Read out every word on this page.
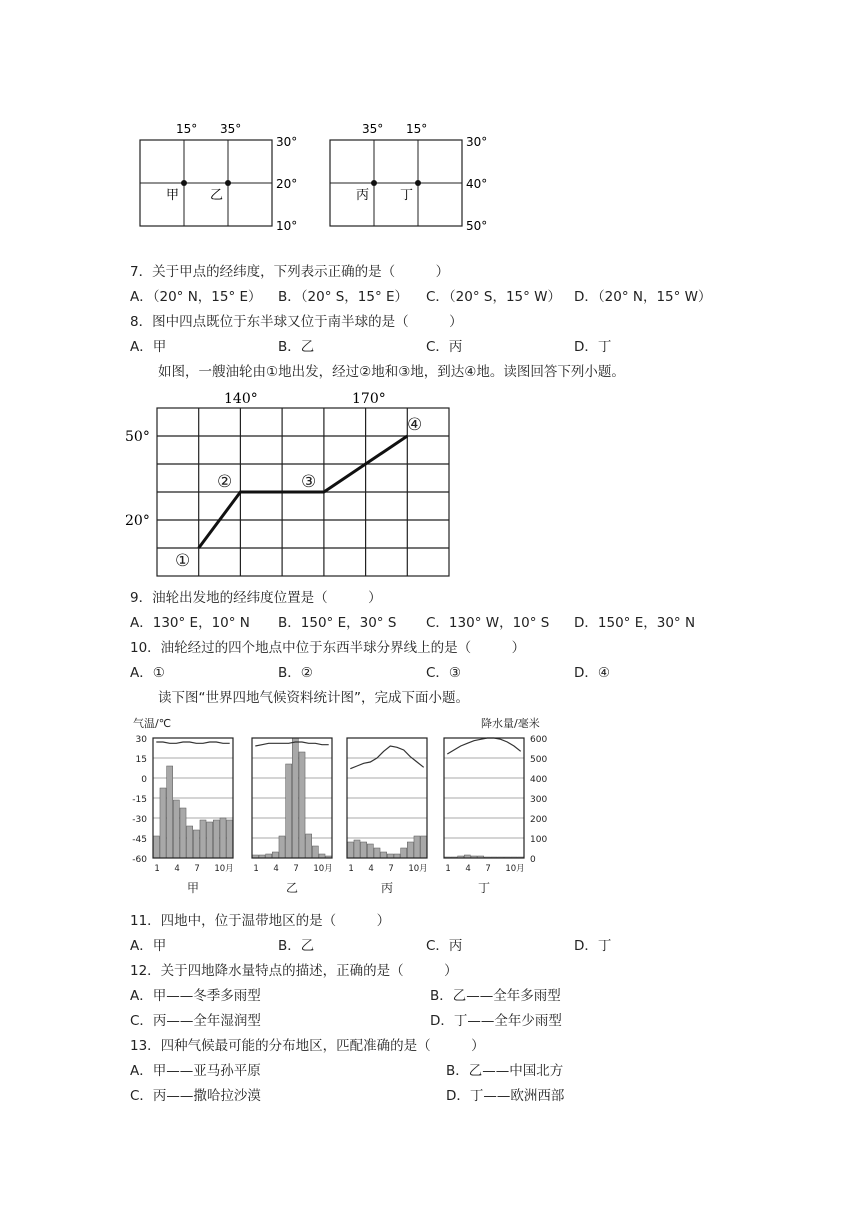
15° 35°
30°
20°
10°
甲 乙
35° 15°
30°
40°
50°
丙 丁
7．关于甲点的经纬度，下列表示正确的是（　　　）
A．（20° N，15° E） B．（20° S，15° E） C．（20° S，15° W） D．（20° N，15° W）
8．图中四点既位于东半球又位于南半球的是（　　　）
A．甲	B．乙	C．丙	D．丁
如图，一艘油轮由①地出发，经过②地和③地，到达④地。读图回答下列小题。
140°	170°
50°
20°
①
②	③
④
9．油轮出发地的经纬度位置是（　　　）
A．130° E，10° N B．150° E，30° S C．130° W，10° S D．150° E，30° N
10．油轮经过的四个地点中位于东西半球分界线上的是（　　　）
A．①	B．②	C．③	D．④
读下图“世界四地气候资料统计图”，完成下面小题。
气温/℃	降水量/毫米
30
15
0
-15
-30
-45
-60
600
500
400
300
200
100
0
1 4 7 10月
甲
1 4 7 10月
乙
1 4 7 10月
丙
1 4 7 10月
丁
11．四地中，位于温带地区的是（　　　）
A．甲	B．乙	C．丙	D．丁
12．关于四地降水量特点的描述，正确的是（　　　）
A．甲——冬季多雨型	B．乙——全年多雨型
C．丙——全年湿润型	D．丁——全年少雨型
13．四种气候最可能的分布地区，匹配准确的是（　　　）
A．甲——亚马孙平原	B．乙——中国北方
C．丙——撒哈拉沙漠	D．丁——欧洲西部
